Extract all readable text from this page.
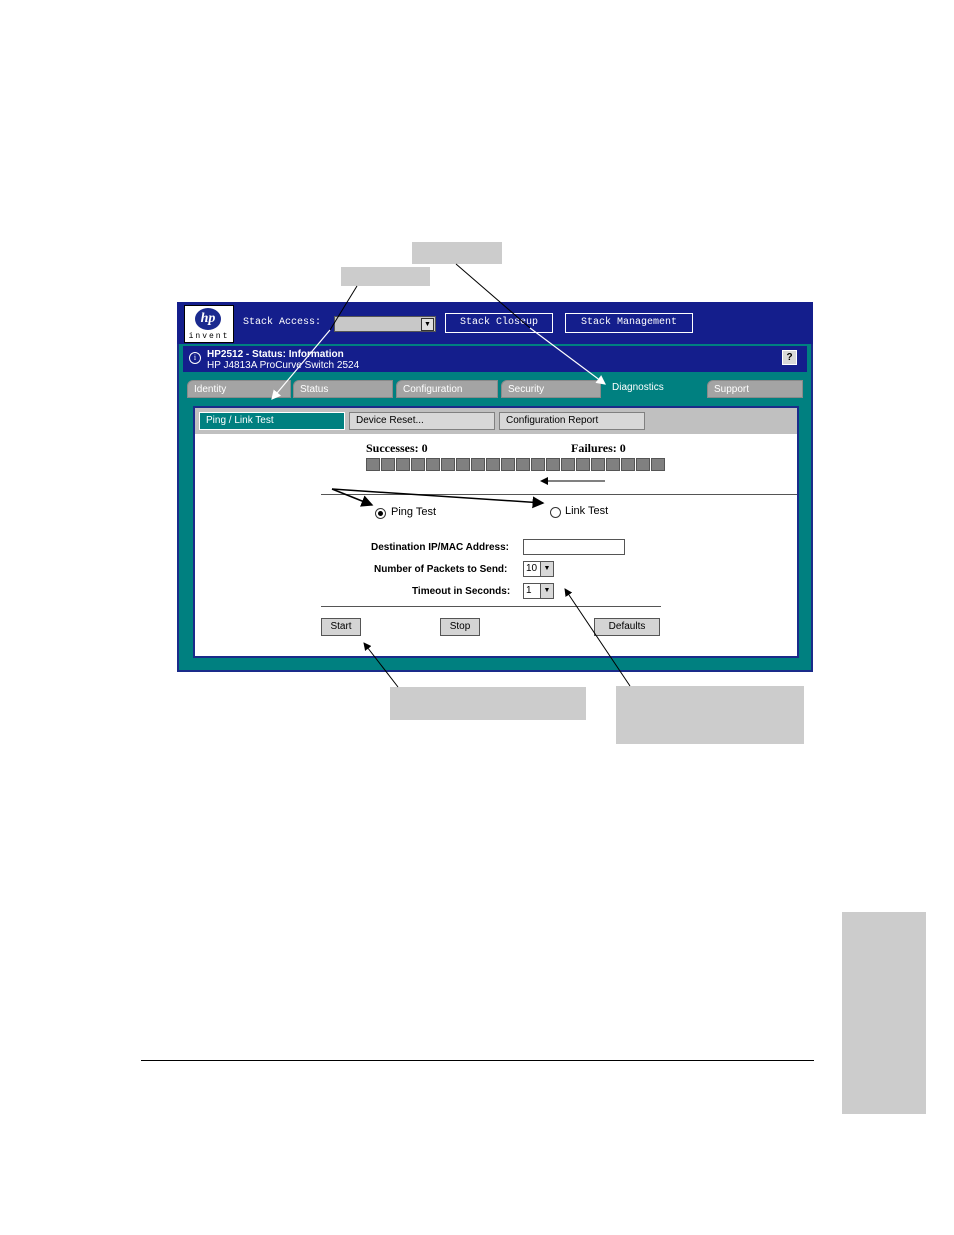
hp
invent
Stack Access:	▼	Stack Closeup	Stack Management
i	HP2512 - Status: Information
HP J4813A ProCurve Switch 2524
?
Identity	Status	Configuration	Security	Diagnostics	Support
Ping / Link Test	Device Reset...	Configuration Report
Successes: 0	Failures: 0
Ping Test	Link Test
Destination IP/MAC Address:
Number of Packets to Send:	10 ▼
Timeout in Seconds:	1	▼
Start	Stop	Defaults
